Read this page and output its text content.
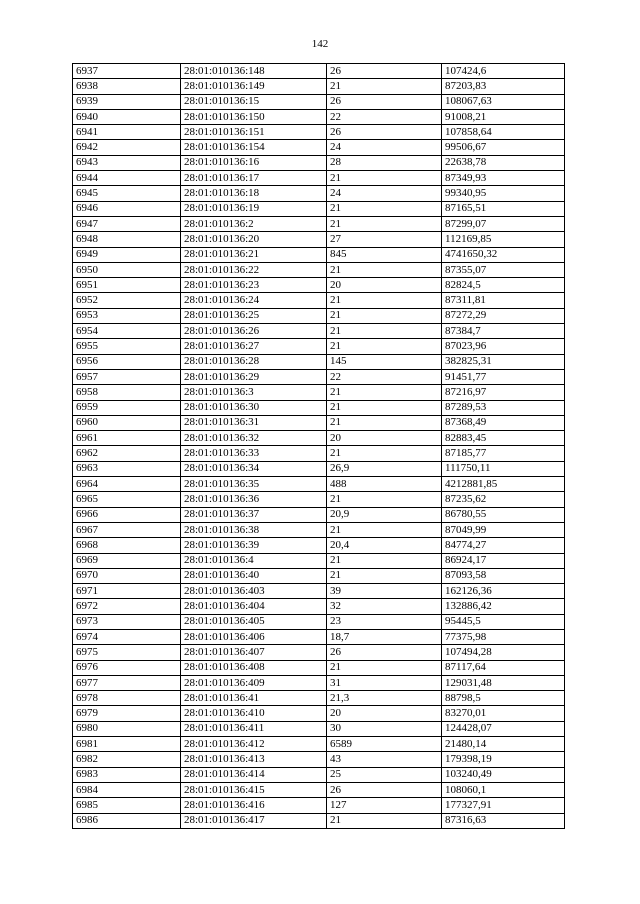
142
6937	28:01:010136:148	26	107424,6
6938	28:01:010136:149	21	87203,83
6939	28:01:010136:15	26	108067,63
6940	28:01:010136:150	22	91008,21
6941	28:01:010136:151	26	107858,64
6942	28:01:010136:154	24	99506,67
6943	28:01:010136:16	28	22638,78
6944	28:01:010136:17	21	87349,93
6945	28:01:010136:18	24	99340,95
6946	28:01:010136:19	21	87165,51
6947	28:01:010136:2	21	87299,07
6948	28:01:010136:20	27	112169,85
6949	28:01:010136:21	845	4741650,32
6950	28:01:010136:22	21	87355,07
6951	28:01:010136:23	20	82824,5
6952	28:01:010136:24	21	87311,81
6953	28:01:010136:25	21	87272,29
6954	28:01:010136:26	21	87384,7
6955	28:01:010136:27	21	87023,96
6956	28:01:010136:28	145	382825,31
6957	28:01:010136:29	22	91451,77
6958	28:01:010136:3	21	87216,97
6959	28:01:010136:30	21	87289,53
6960	28:01:010136:31	21	87368,49
6961	28:01:010136:32	20	82883,45
6962	28:01:010136:33	21	87185,77
6963	28:01:010136:34	26,9	111750,11
6964	28:01:010136:35	488	4212881,85
6965	28:01:010136:36	21	87235,62
6966	28:01:010136:37	20,9	86780,55
6967	28:01:010136:38	21	87049,99
6968	28:01:010136:39	20,4	84774,27
6969	28:01:010136:4	21	86924,17
6970	28:01:010136:40	21	87093,58
6971	28:01:010136:403	39	162126,36
6972	28:01:010136:404	32	132886,42
6973	28:01:010136:405	23	95445,5
6974	28:01:010136:406	18,7	77375,98
6975	28:01:010136:407	26	107494,28
6976	28:01:010136:408	21	87117,64
6977	28:01:010136:409	31	129031,48
6978	28:01:010136:41	21,3	88798,5
6979	28:01:010136:410	20	83270,01
6980	28:01:010136:411	30	124428,07
6981	28:01:010136:412	6589	21480,14
6982	28:01:010136:413	43	179398,19
6983	28:01:010136:414	25	103240,49
6984	28:01:010136:415	26	108060,1
6985	28:01:010136:416	127	177327,91
6986	28:01:010136:417	21	87316,63
